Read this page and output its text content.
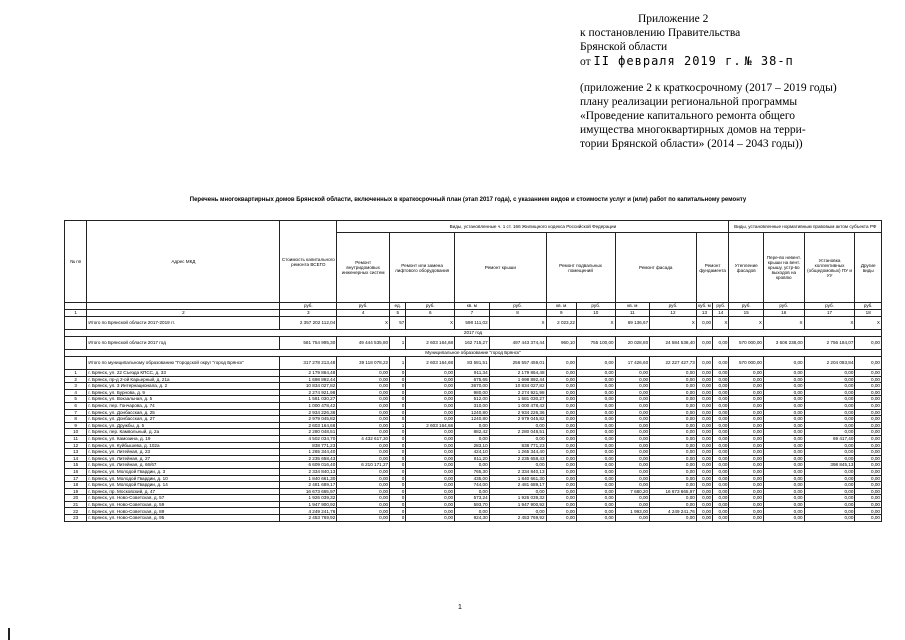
Приложение 2
к постановлению Правительства
Брянской области
от II февраля 2019 г. № 38-п
(приложение 2 к краткосрочному (2017 – 2019 годы)
плану реализации региональной программы
«Проведение капитального ремонта общего
имущества многоквартирных домов на терри-
тории Брянской области» (2014 – 2043 годы))
Перечень многоквартирных домов Брянской области, включенных в краткосрочный план (этап 2017 года), с указанием видов и стоимости услуг и (или) работ по капитальному ремонту
№ пп	Адрес МКД	Стоимость капитального ремонта ВСЕГО	Виды, установленные ч. 1 ст. 166 Жилищного кодекса Российской Федерации											Виды, установленные нормативным правовым актом субъекта РФ			
			Ремонт внутридомовых инженерных систем	Ремонт или замена лифтового оборудования		Ремонт крыши		Ремонт подвальных помещений		Ремонт фасада		Ремонт фундамента		Утепление фасадов	Пере-во невент. крыши на вент. крышу, устр-во выходов на кровлю	Установка коллективных (общедомовых) ПУ и УУ	Другие виды
		руб.	руб.	ед.	руб.	кв. м	руб.	кв. м	руб.	кв. м	руб.	куб. м	руб.	руб.	руб.	руб.	руб.
1	2	3	4	5	6	7	8	9	10	11	12	13	14	15	16	17	18
	Итого по Брянской области 2017-2019 гг.	2 357 202 112,04	X	57	X	598 111,02	X	2 023,22	X	69 136,67	X	0,00	X	X	X	X	X
2017 год																	
	Итого по Брянской области 2017 год	581 754 995,30	49 444 535,80	1	2 603 164,68	162 715,27	497 443 374,44	960,10	755 100,00	20 028,80	24 584 538,40	0,00	0,00	570 000,00	3 606 238,00	2 756 184,07	0,00
Муниципальное образование "город Брянск"																	
	Итого по муниципальному образованию "Городской округ "город Брянск"	317 278 213,48	39 118 078,22	1	2 603 164,68	83 581,51	256 557 459,01	0,00	0,00	17 426,60	22 227 427,73	0,00	0,00	570 000,00	0,00	2 204 083,84	0,00
1	г. Брянск, ул. 22 Съезда КПСС, д. 33	2 179 864,48	0,00	0	0,00	911,34	2 179 864,48	0,00	0,00	0,00	0,00	0,00	0,00	0,00	0,00	0,00	0,00
2	г. Брянск, пр-д 2-ой Карьерный, д. 21а	1 698 892,44	0,00	0	0,00	675,65	1 698 892,44	0,00	0,00	0,00	0,00	0,00	0,00	0,00	0,00	0,00	0,00
3	г. Брянск, ул. 3 Интернационала, д. 2	10 834 027,82	0,00	0	0,00	3670,00	10 834 027,82	0,00	0,00	0,00	0,00	0,00	0,00	0,00	0,00	0,00	0,00
4	г. Брянск, ул. Бурнова, д. 9	2 274 921,98	0,00	0	0,00	980,00	2 274 921,98	0,00	0,00	0,00	0,00	0,00	0,00	0,00	0,00	0,00	0,00
5	г. Брянск, ул. Вокзальная, д. 5	1 581 030,27	0,00	0	0,00	512,00	1 581 030,27	0,00	0,00	0,00	0,00	0,00	0,00	0,00	0,00	0,00	0,00
6	г. Брянск, пер. Гончарова, д. 74	1 000 478,42	0,00	0	0,00	310,00	1 000 478,42	0,00	0,00	0,00	0,00	0,00	0,00	0,00	0,00	0,00	0,00
7	г. Брянск, ул. Донбасская, д. 25	2 934 226,36	0,00	0	0,00	1240,80	2 934 226,36	0,00	0,00	0,00	0,00	0,00	0,00	0,00	0,00	0,00	0,00
8	г. Брянск, ул. Донбасская, д. 27	2 979 045,82	0,00	0	0,00	1240,80	2 979 045,82	0,00	0,00	0,00	0,00	0,00	0,00	0,00	0,00	0,00	0,00
9	г. Брянск, ул. Дружбы, д. 5	2 603 164,68	0,00	1	2 603 164,68	0,00	0,00	0,00	0,00	0,00	0,00	0,00	0,00	0,00	0,00	0,00	0,00
10	г. Брянск, пер. Камвольный, д. 2а	2 280 048,51	0,00	0	0,00	882,42	2 280 048,51	0,00	0,00	0,00	0,00	0,00	0,00	0,00	0,00	0,00	0,00
11	г. Брянск, ул. Камозина, д. 19	4 502 034,70	4 432 617,30	0	0,00	0,00	0,00	0,00	0,00	0,00	0,00	0,00	0,00	0,00	0,00	69 417,40	0,00
12	г. Брянск, ул. Куйбышева, д. 102а	838 771,23	0,00	0	0,00	283,10	838 771,23	0,00	0,00	0,00	0,00	0,00	0,00	0,00	0,00	0,00	0,00
13	г. Брянск, ул. Литейная, д. 23	1 265 344,40	0,00	0	0,00	424,10	1 265 344,40	0,00	0,00	0,00	0,00	0,00	0,00	0,00	0,00	0,00	0,00
14	г. Брянск, ул. Литейная, д. 27	2 235 658,43	0,00	0	0,00	811,20	2 235 658,43	0,00	0,00	0,00	0,00	0,00	0,00	0,00	0,00	0,00	0,00
15	г. Брянск, ул. Литейная, д. 66/67	6 609 016,40	6 210 171,27	0	0,00	0,00	0,00	0,00	0,00	0,00	0,00	0,00	0,00	0,00	0,00	398 845,13	0,00
16	г. Брянск, ул. Молодой Гвардии, д. 3	2 334 840,13	0,00	0	0,00	765,30	2 334 840,13	0,00	0,00	0,00	0,00	0,00	0,00	0,00	0,00	0,00	0,00
17	г. Брянск, ул. Молодой Гвардии, д. 10	1 840 661,30	0,00	0	0,00	435,00	1 840 661,30	0,00	0,00	0,00	0,00	0,00	0,00	0,00	0,00	0,00	0,00
18	г. Брянск, ул. Молодой Гвардии, д. 14	2 481 689,17	0,00	0	0,00	744,00	2 481 689,17	0,00	0,00	0,00	0,00	0,00	0,00	0,00	0,00	0,00	0,00
19	г. Брянск, пр. Московский, д. 47	16 673 665,97	0,00	0	0,00	0,00	0,00	0,00	0,00	7 680,20	16 673 665,97	0,00	0,00	0,00	0,00	0,00	0,00
20	г. Брянск, ул. Ново-Советская, д. 57	1 926 039,32	0,00	0	0,00	573,24	1 926 039,32	0,00	0,00	0,00	0,00	0,00	0,00	0,00	0,00	0,00	0,00
21	г. Брянск, ул. Ново-Советская, д. 59	1 947 900,92	0,00	0	0,00	593,70	1 947 900,92	0,00	0,00	0,00	0,00	0,00	0,00	0,00	0,00	0,00	0,00
22	г. Брянск, ул. Ново-Советская, д. 89	4 249 241,76	0,00	0	0,00	0,00	0,00	0,00	0,00	1 993,00	4 249 241,76	0,00	0,00	0,00	0,00	0,00	0,00
23	г. Брянск, ул. Ново-Советская, д. 95	2 453 769,92	0,00	0	0,00	924,30	2 453 769,92	0,00	0,00	0,00	0,00	0,00	0,00	0,00	0,00	0,00	0,00
1
